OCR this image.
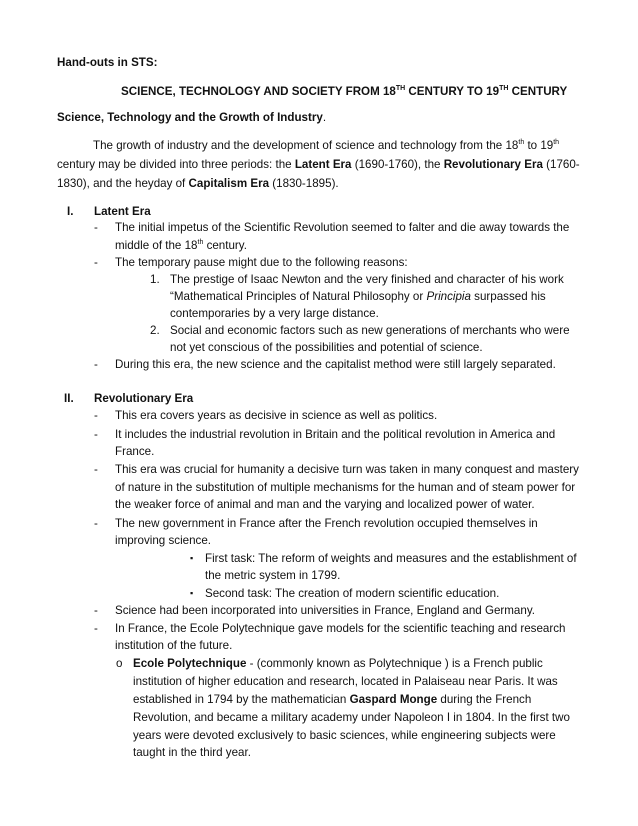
Hand-outs in STS:
SCIENCE, TECHNOLOGY AND SOCIETY FROM 18TH CENTURY TO 19TH CENTURY
Science, Technology and the Growth of Industry.
The growth of industry and the development of science and technology from the 18th to 19th
century may be divided into three periods: the Latent Era (1690-1760), the Revolutionary Era (1760-
1830), and the heyday of Capitalism Era (1830-1895).
I. Latent Era
- The initial impetus of the Scientific Revolution seemed to falter and die away towards the
middle of the 18th century.
- The temporary pause might due to the following reasons:
1. The prestige of Isaac Newton and the very finished and character of his work
“Mathematical Principles of Natural Philosophy or Principia surpassed his
contemporaries by a very large distance.
2. Social and economic factors such as new generations of merchants who were
not yet conscious of the possibilities and potential of science.
- During this era, the new science and the capitalist method were still largely separated.
II. Revolutionary Era
- This era covers years as decisive in science as well as politics.
- It includes the industrial revolution in Britain and the political revolution in America and
France.
- This era was crucial for humanity a decisive turn was taken in many conquest and mastery
of nature in the substitution of multiple mechanisms for the human and of steam power for
the weaker force of animal and man and the varying and localized power of water.
- The new government in France after the French revolution occupied themselves in
improving science.
▪ First task: The reform of weights and measures and the establishment of
the metric system in 1799.
▪ Second task: The creation of modern scientific education.
- Science had been incorporated into universities in France, England and Germany.
- In France, the Ecole Polytechnique gave models for the scientific teaching and research
institution of the future.
o Ecole Polytechnique - (commonly known as Polytechnique ) is a French public
institution of higher education and research, located in Palaiseau near Paris. It was
established in 1794 by the mathematician Gaspard Monge during the French
Revolution, and became a military academy under Napoleon I in 1804. In the first two
years were devoted exclusively to basic sciences, while engineering subjects were
taught in the third year.
